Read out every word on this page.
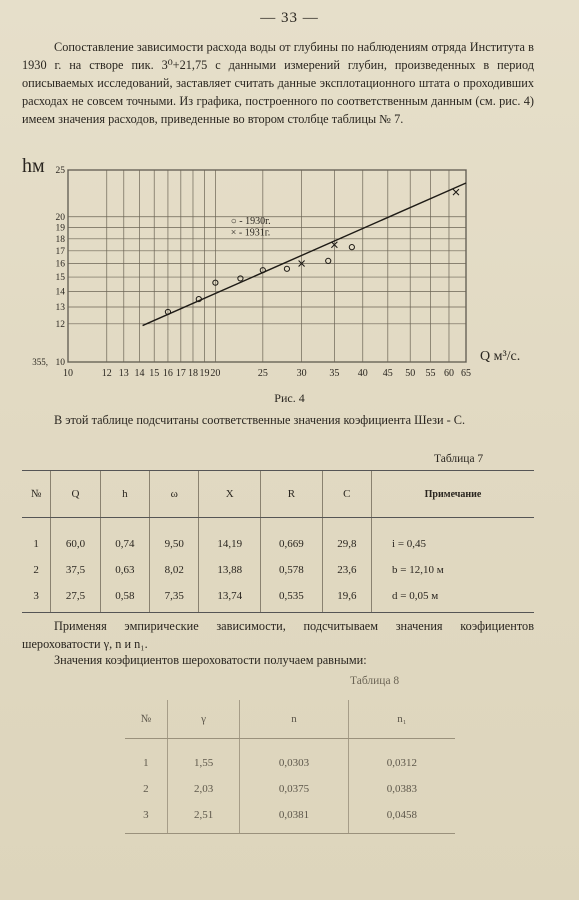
— 33 —

Сопоставление зависимости расхода воды от глубины по наблюдениям отряда Института в 1930 г. на створе пик. 3⁰+21,75 с данными измерений глубин, произведенных в период описываемых исследований, заставляет считать данные эксплотационного штата о проходивших расходах не совсем точными. Из графика, построенного по соответственным данным (см. рис. 4) имеем значения расходов, приведенные во втором столбце таблицы № 7.

10	12 13 14 15 16 17 18 19 20	25	30 35 40 45 50 55 60 65
10
12
13
14
15
16
17
18
19
20
25
355,
hм
Q м³/с.
○ - 1930г.
× - 1931г.
Рис. 4

В этой таблице подсчитаны соответственные значения коэфициента Шези - С.

Таблица 7
№	Q	h	ω	X	R	C	Примечание
1	60,0	0,74	9,50	14,19	0,669	29,8	i = 0,45
2	37,5	0,63	8,02	13,88	0,578	23,6	b = 12,10 м
3	27,5	0,58	7,35	13,74	0,535	19,6	d = 0,05 м

Применяя эмпирические зависимости, подсчитываем значения коэфициентов шероховатости γ, n и n₁.

Значения коэфициентов шероховатости получаем равными:

Таблица 8
№	γ	n	n₁
1	1,55	0,0303	0,0312
2	2,03	0,0375	0,0383
3	2,51	0,0381	0,0458
